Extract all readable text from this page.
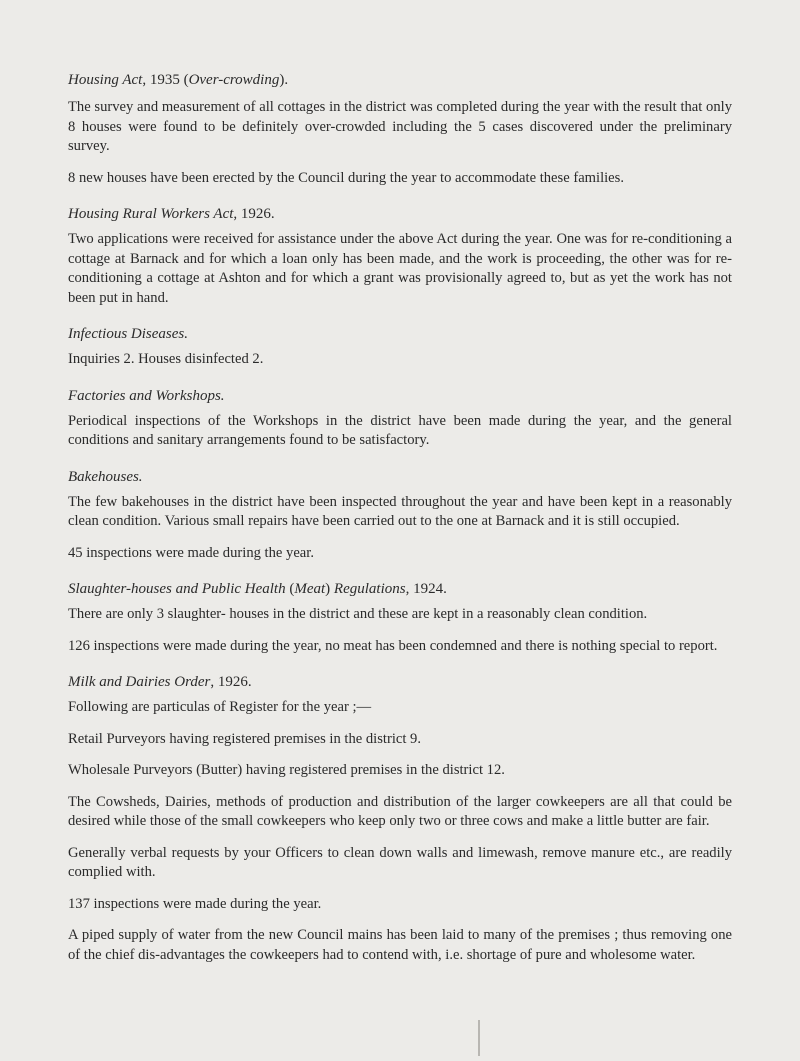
Housing Act, 1935 (Over-crowding).

The survey and measurement of all cottages in the district was completed during the year with the result that only 8 houses were found to be definitely over-crowded including the 5 cases discovered under the preliminary survey.

8 new houses have been erected by the Council during the year to accommodate these families.

Housing Rural Workers Act, 1926.

Two applications were received for assistance under the above Act during the year. One was for re-conditioning a cottage at Barnack and for which a loan only has been made, and the work is proceeding, the other was for re-conditioning a cottage at Ashton and for which a grant was provisionally agreed to, but as yet the work has not been put in hand.

Infectious Diseases.

Inquiries 2. Houses disinfected 2.

Factories and Workshops.

Periodical inspections of the Workshops in the district have been made during the year, and the general conditions and sanitary arrangements found to be satisfactory.

Bakehouses.

The few bakehouses in the district have been inspected throughout the year and have been kept in a reasonably clean condition. Various small repairs have been carried out to the one at Barnack and it is still occupied.

45 inspections were made during the year.

Slaughter-houses and Public Health (Meat) Regulations, 1924.

There are only 3 slaughter- houses in the district and these are kept in a reasonably clean condition.

126 inspections were made during the year, no meat has been condemned and there is nothing special to report.

Milk and Dairies Order, 1926.

Following are particulas of Register for the year ;—

Retail Purveyors having registered premises in the district 9.

Wholesale Purveyors (Butter) having registered premises in the district 12.

The Cowsheds, Dairies, methods of production and distribution of the larger cowkeepers are all that could be desired while those of the small cowkeepers who keep only two or three cows and make a little butter are fair.

Generally verbal requests by your Officers to clean down walls and limewash, remove manure etc., are readily complied with.

137 inspections were made during the year.

A piped supply of water from the new Council mains has been laid to many of the premises ; thus removing one of the chief dis-advantages the cowkeepers had to contend with, i.e. shortage of pure and wholesome water.
